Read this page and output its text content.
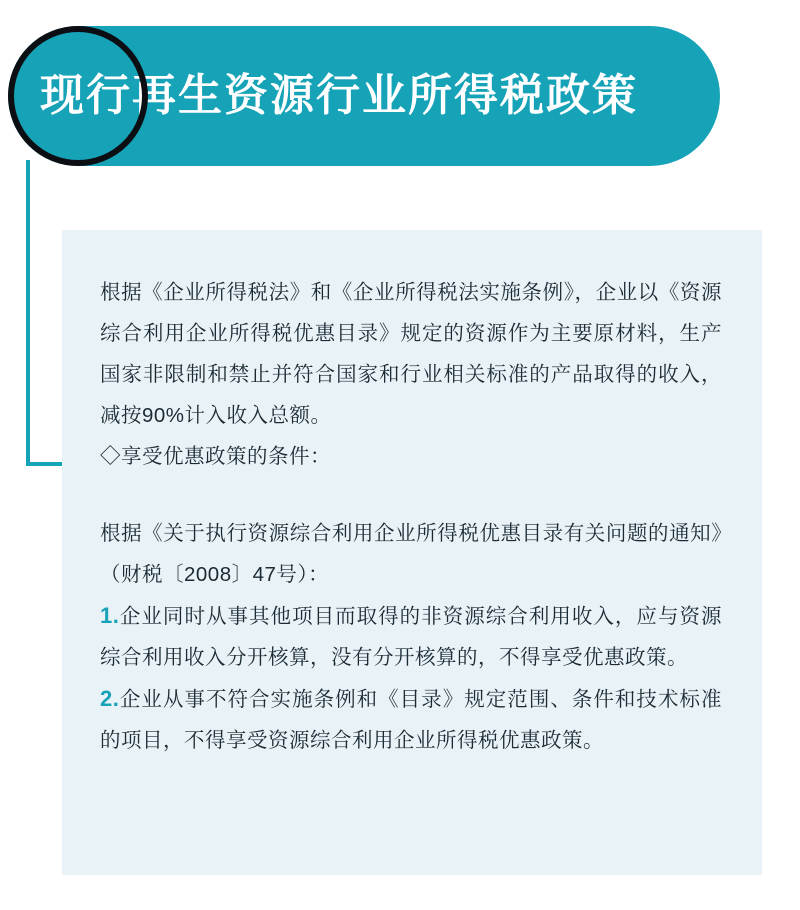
现行再生资源行业所得税政策

根据《企业所得税法》和《企业所得税法实施条例》，企业以《资源综合利用企业所得税优惠目录》规定的资源作为主要原材料，生产国家非限制和禁止并符合国家和行业相关标准的产品取得的收入，减按90%计入收入总额。

◇享受优惠政策的条件：

根据《关于执行资源综合利用企业所得税优惠目录有关问题的通知》（财税〔2008〕47号）：

1.企业同时从事其他项目而取得的非资源综合利用收入，应与资源综合利用收入分开核算，没有分开核算的，不得享受优惠政策。

2.企业从事不符合实施条例和《目录》规定范围、条件和技术标准的项目，不得享受资源综合利用企业所得税优惠政策。
